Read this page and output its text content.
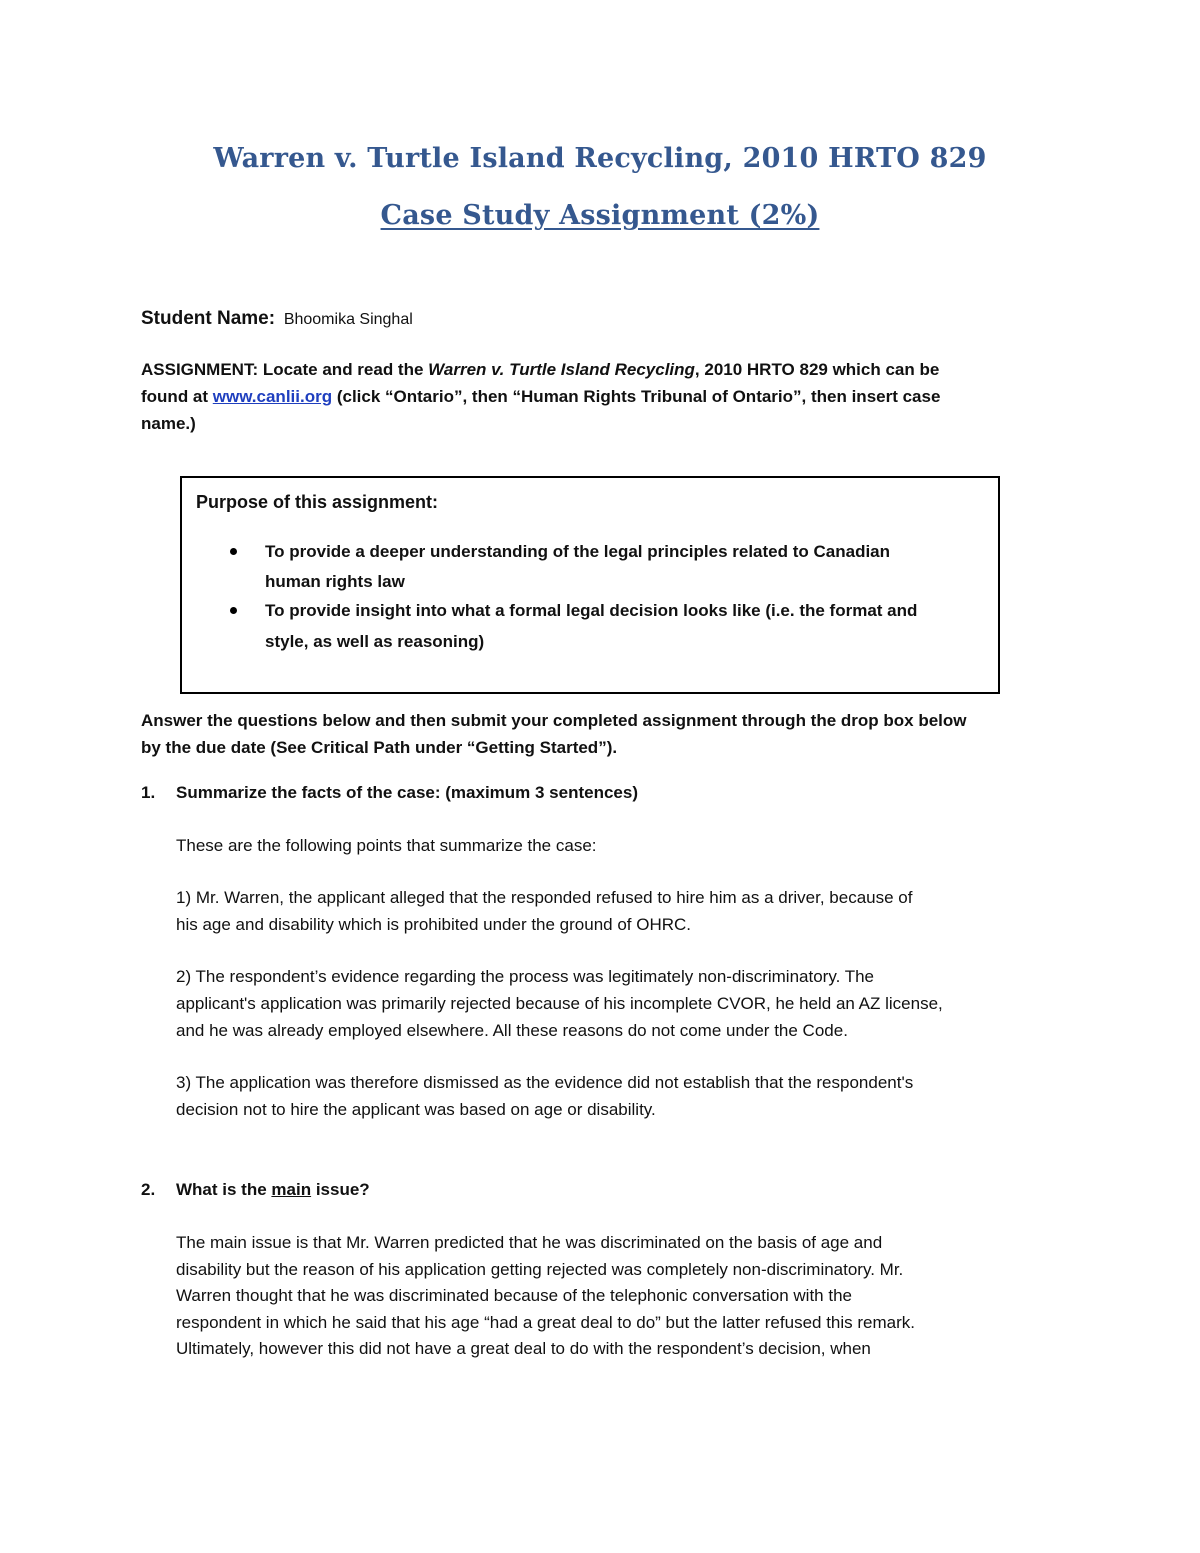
Warren v. Turtle Island Recycling, 2010 HRTO 829
Case Study Assignment (2%)
Student Name: Bhoomika Singhal
ASSIGNMENT: Locate and read the Warren v. Turtle Island Recycling, 2010 HRTO 829 which can be
found at www.canlii.org (click “Ontario”, then “Human Rights Tribunal of Ontario”, then insert case
name.)
Purpose of this assignment:
To provide a deeper understanding of the legal principles related to Canadian
human rights law
To provide insight into what a formal legal decision looks like (i.e. the format and
style, as well as reasoning)
Answer the questions below and then submit your completed assignment through the drop box below
by the due date (See Critical Path under “Getting Started”).
1. Summarize the facts of the case: (maximum 3 sentences)
These are the following points that summarize the case:
1) Mr. Warren, the applicant alleged that the responded refused to hire him as a driver, because of
his age and disability which is prohibited under the ground of OHRC.
2) The respondent’s evidence regarding the process was legitimately non-discriminatory. The
applicant's application was primarily rejected because of his incomplete CVOR, he held an AZ license,
and he was already employed elsewhere. All these reasons do not come under the Code.
3) The application was therefore dismissed as the evidence did not establish that the respondent's
decision not to hire the applicant was based on age or disability.
2. What is the main issue?
The main issue is that Mr. Warren predicted that he was discriminated on the basis of age and
disability but the reason of his application getting rejected was completely non-discriminatory. Mr.
Warren thought that he was discriminated because of the telephonic conversation with the
respondent in which he said that his age “had a great deal to do” but the latter refused this remark.
Ultimately, however this did not have a great deal to do with the respondent’s decision, when
